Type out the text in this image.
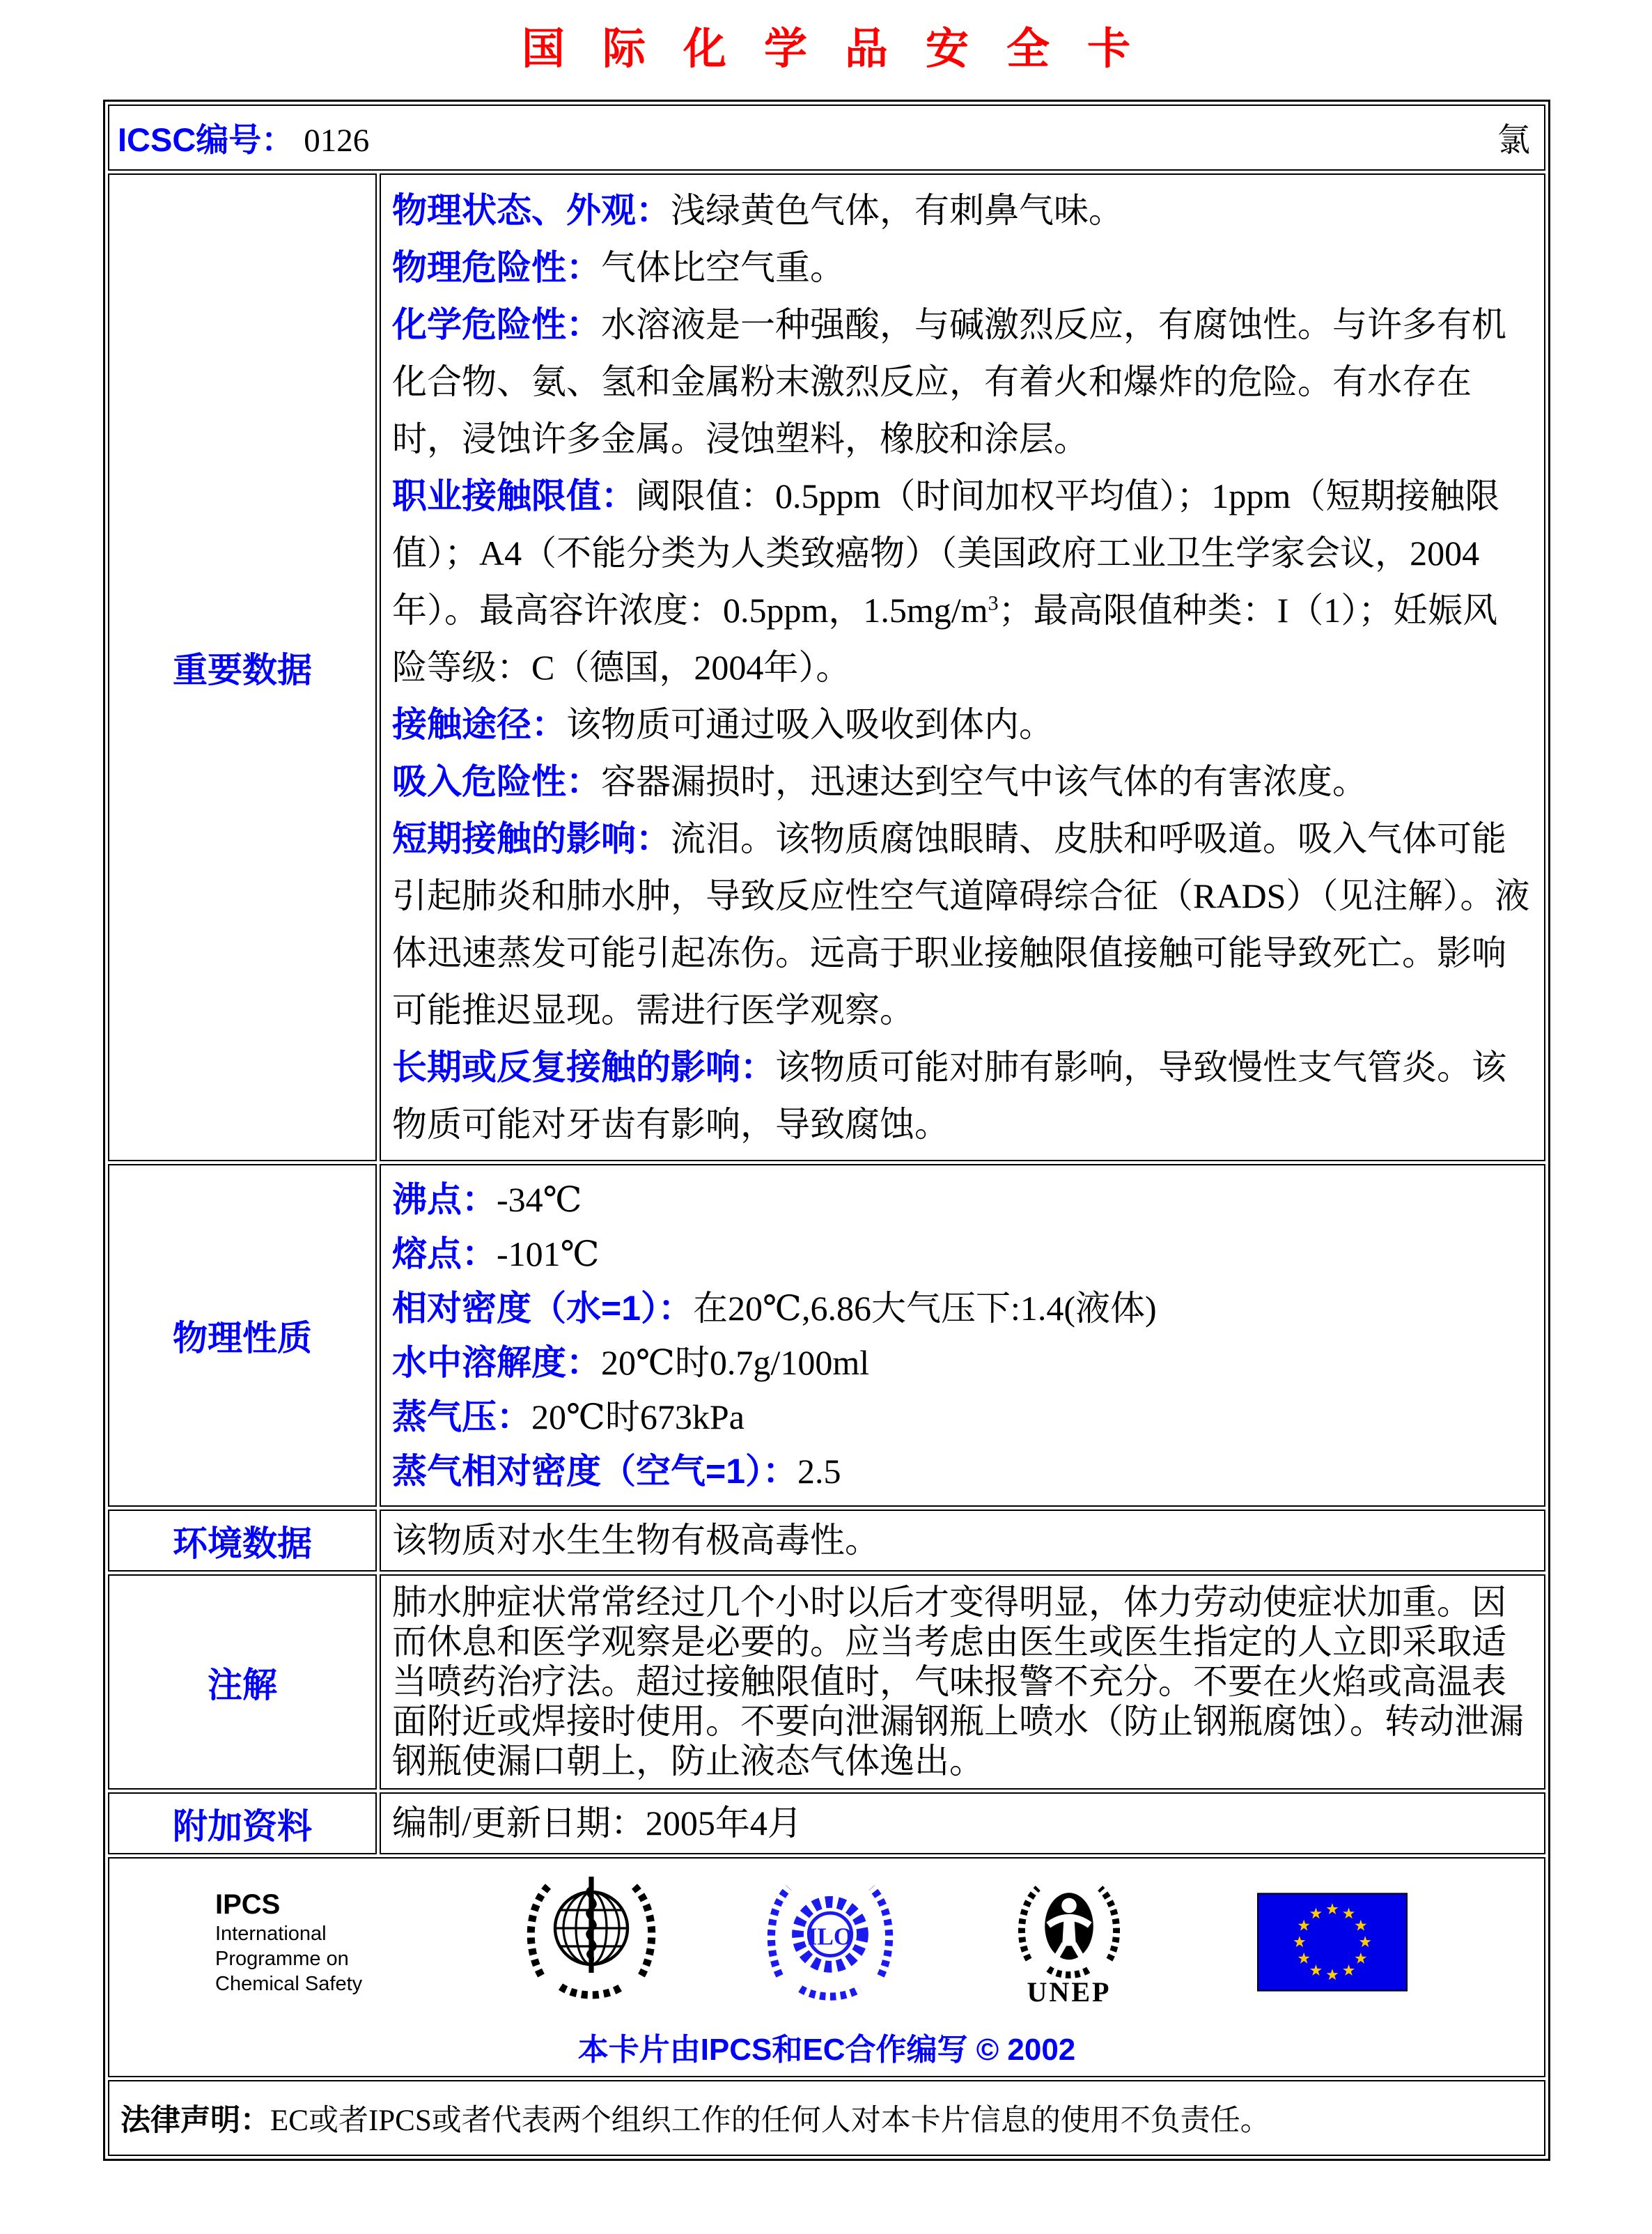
国际化学品安全卡
ICSC编号： 0126 氯	

重要数据	
物理状态、外观：浅绿黄色气体，有刺鼻气味。
物理危险性：气体比空气重。
化学危险性：水溶液是一种强酸，与碱激烈反应，有腐蚀性。与许多有机化合物、氨、氢和金属粉末激烈反应，有着火和爆炸的危险。有水存在时，浸蚀许多金属。浸蚀塑料，橡胶和涂层。
职业接触限值：阈限值：0.5ppm（时间加权平均值）；1ppm（短期接触限值）；A4（不能分类为人类致癌物）（美国政府工业卫生学家会议，2004年）。最高容许浓度：0.5ppm，$1.5mg/m^3$；最高限值种类：I（1）；妊娠风险等级：C（德国，2004年）。
接触途径：该物质可通过吸入吸收到体内。
吸入危险性：容器漏损时，迅速达到空气中该气体的有害浓度。
短期接触的影响：流泪。该物质腐蚀眼睛、皮肤和呼吸道。吸入气体可能引起肺炎和肺水肿，导致反应性空气道障碍综合征（RADS）（见注解）。液体迅速蒸发可能引起冻伤。远高于职业接触限值接触可能导致死亡。影响可能推迟显现。需进行医学观察。
长期或反复接触的影响：该物质可能对肺有影响，导致慢性支气管炎。该物质可能对牙齿有影响，导致腐蚀。

物理性质	
沸点：-34℃
熔点：-101℃
相对密度（水=1）：在20℃,6.86大气压下:1.4(液体)
水中溶解度：20℃时0.7g/100ml
蒸气压：20℃时673kPa
蒸气相对密度（空气=1）：2.5

环境数据	该物质对水生生物有极高毒性。
注解	肺水肿症状常常经过几个小时以后才变得明显，体力劳动使症状加重。因而休息和医学观察是必要的。应当考虑由医生或医生指定的人立即采取适当喷药治疗法。超过接触限值时，气味报警不充分。不要在火焰或高温表面附近或焊接时使用。不要向泄漏钢瓶上喷水（防止钢瓶腐蚀）。转动泄漏钢瓶使漏口朝上，防止液态气体逸出。
附加资料	编制/更新日期：2005年4月

IPCS
International
Programme on
Chemical Safety
ILO
UNEP
本卡片由IPCS和EC合作编写 © 2002

法律声明：EC或者IPCS或者代表两个组织工作的任何人对本卡片信息的使用不负责任。	
